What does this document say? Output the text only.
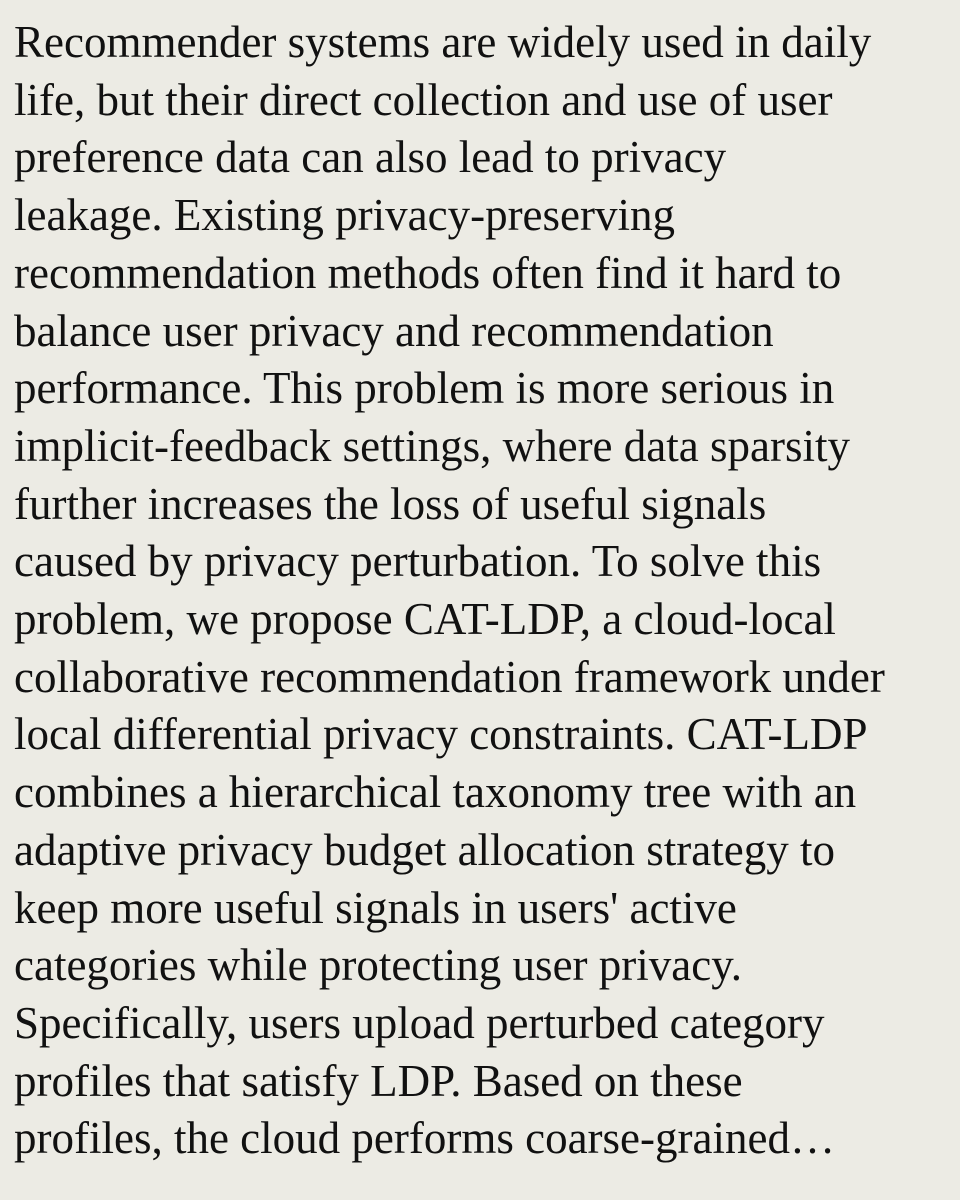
Recommender systems are widely used in daily
life, but their direct collection and use of user
preference data can also lead to privacy
leakage. Existing privacy-preserving
recommendation methods often find it hard to
balance user privacy and recommendation
performance. This problem is more serious in
implicit-feedback settings, where data sparsity
further increases the loss of useful signals
caused by privacy perturbation. To solve this
problem, we propose CAT-LDP, a cloud-local
collaborative recommendation framework under
local differential privacy constraints. CAT-LDP
combines a hierarchical taxonomy tree with an
adaptive privacy budget allocation strategy to
keep more useful signals in users' active
categories while protecting user privacy.
Specifically, users upload perturbed category
profiles that satisfy LDP. Based on these
profiles, the cloud performs coarse-grained…
